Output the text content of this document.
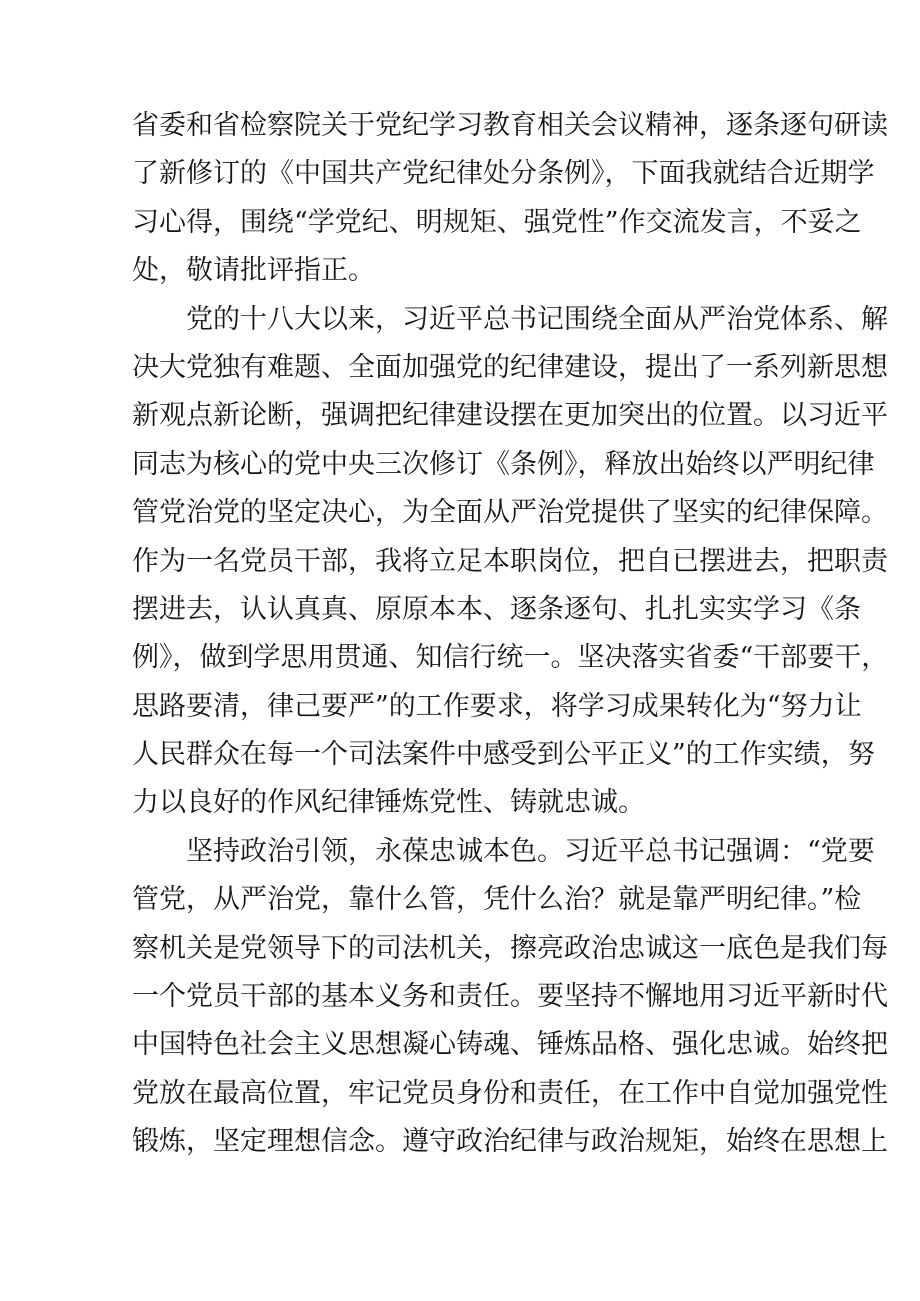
省委和省检察院关于党纪学习教育相关会议精神，逐条逐句研读
了新修订的《中国共产党纪律处分条例》，下面我就结合近期学
习心得，围绕“学党纪、明规矩、强党性”作交流发言，不妥之
处，敬请批评指正。
党的十八大以来，习近平总书记围绕全面从严治党体系、解
决大党独有难题、全面加强党的纪律建设，提出了一系列新思想
新观点新论断，强调把纪律建设摆在更加突出的位置。以习近平
同志为核心的党中央三次修订《条例》，释放出始终以严明纪律
管党治党的坚定决心，为全面从严治党提供了坚实的纪律保障。
作为一名党员干部，我将立足本职岗位，把自已摆进去，把职责
摆进去，认认真真、原原本本、逐条逐句、扎扎实实学习《条
例》，做到学思用贯通、知信行统一。坚决落实省委“干部要干，
思路要清，律己要严”的工作要求，将学习成果转化为“努力让
人民群众在每一个司法案件中感受到公平正义”的工作实绩，努
力以良好的作风纪律锤炼党性、铸就忠诚。
坚持政治引领，永葆忠诚本色。习近平总书记强调：“党要
管党，从严治党，靠什么管，凭什么治？就是靠严明纪律。”检
察机关是党领导下的司法机关，擦亮政治忠诚这一底色是我们每
一个党员干部的基本义务和责任。要坚持不懈地用习近平新时代
中国特色社会主义思想凝心铸魂、锤炼品格、强化忠诚。始终把
党放在最高位置，牢记党员身份和责任，在工作中自觉加强党性
锻炼，坚定理想信念。遵守政治纪律与政治规矩，始终在思想上
